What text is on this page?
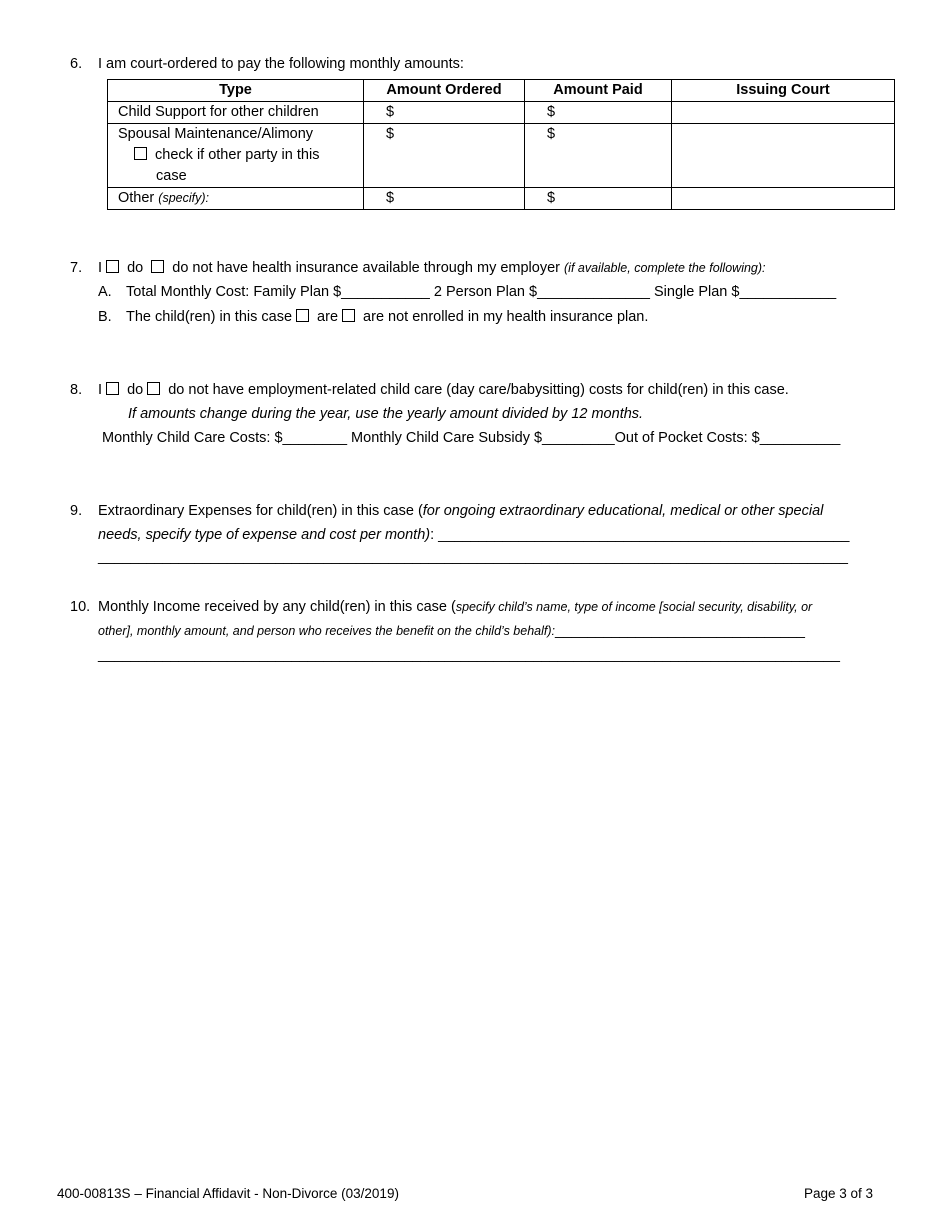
6. I am court-ordered to pay the following monthly amounts:
Type	Amount Ordered	Amount Paid	Issuing Court
Child Support for other children	$	$	

Spousal Maintenance/Alimony
check if other party in this
case	$	$	
Other (specify):	$	$	
7. I do do not have health insurance available through my employer (if available, complete the following):
A. Total Monthly Cost: Family Plan $___________ 2 Person Plan $______________ Single Plan $____________
B. The child(ren) in this case are are not enrolled in my health insurance plan.
8. I do do not have employment-related child care (day care/babysitting) costs for child(ren) in this case.
If amounts change during the year, use the yearly amount divided by 12 months.
Monthly Child Care Costs: $________ Monthly Child Care Subsidy $_________Out of Pocket Costs: $__________
9. Extraordinary Expenses for child(ren) in this case (for ongoing extraordinary educational, medical or other special
needs, specify type of expense and cost per month): ___________________________________________________
_____________________________________________________________________________________________
10. Monthly Income received by any child(ren) in this case (specify child’s name, type of income [social security, disability, or
other], monthly amount, and person who receives the benefit on the child’s behalf):_______________________________
____________________________________________________________________________________________
400-00813S – Financial Affidavit - Non-Divorce (03/2019)	Page 3 of 3
